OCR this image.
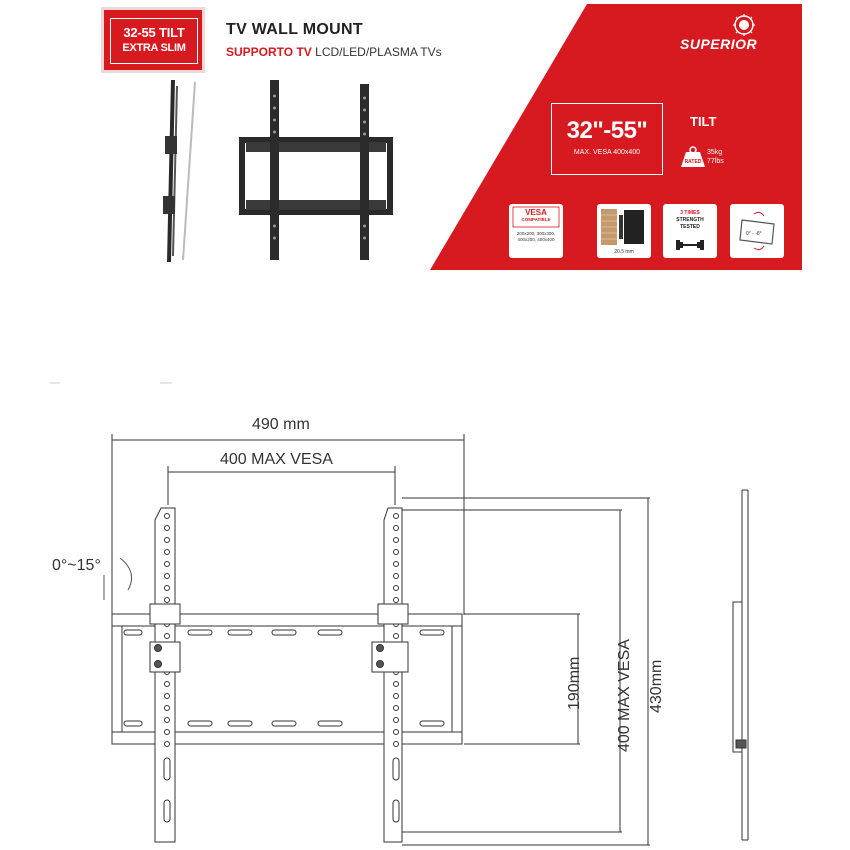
32-55 TILT
EXTRA SLIM
TV WALL MOUNT
SUPPORTO TV LCD/LED/PLASMA TVs	SUPERIOR
32"-55"
MAX. VESA 400x400
TILT
RATED
35kg
77lbs
VESA
COMPATIBLE
200x200, 300x300,
400x200, 400x400
20.5 mm
3 TIMES
STRENGTH
TESTED
0° - -8°
490 mm
400 MAX VESA
0°~15°
190mm 400 MAX VESA 430mm
